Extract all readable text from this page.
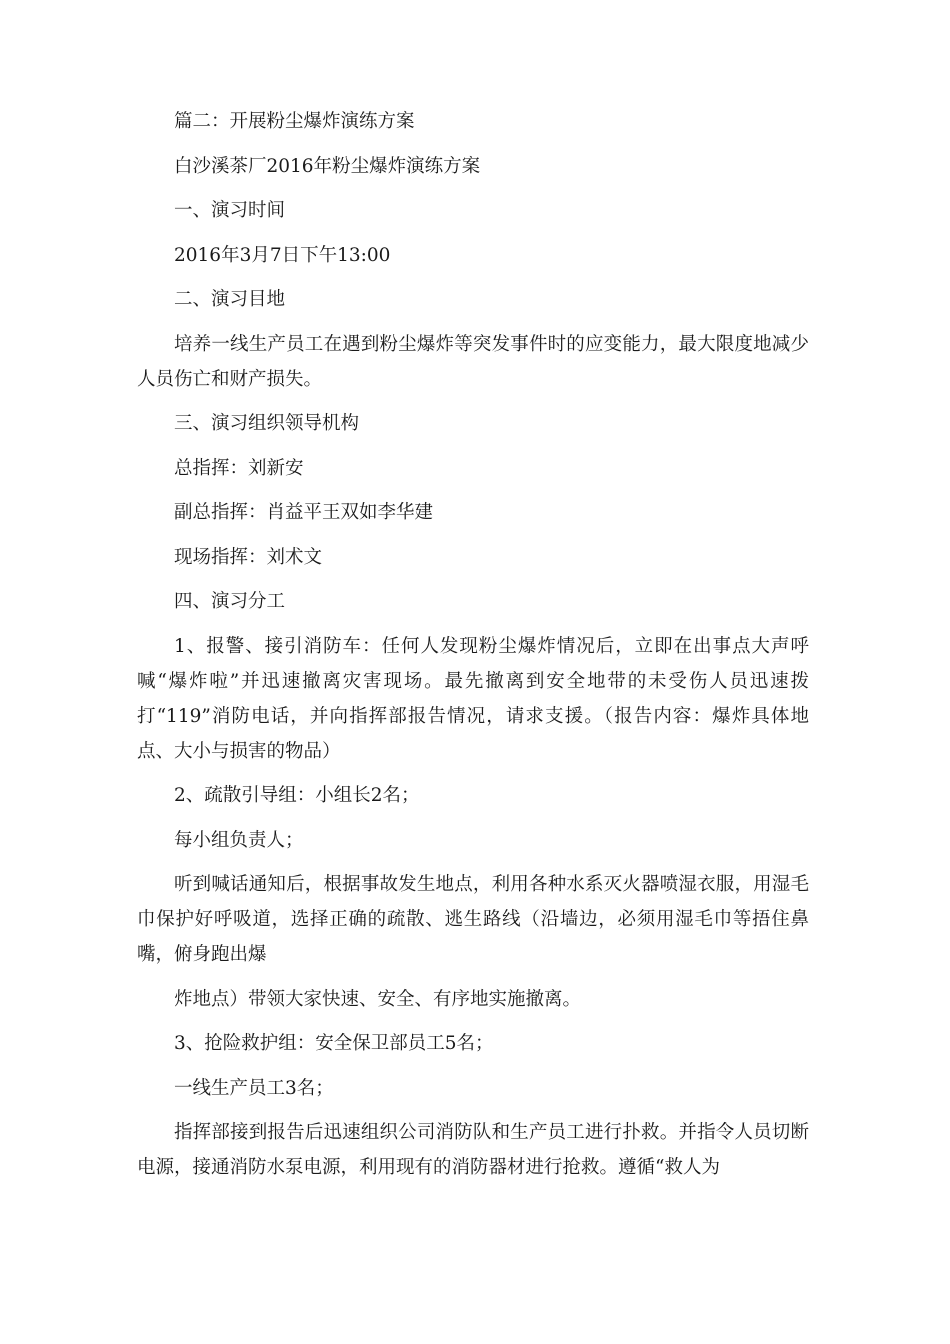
篇二：开展粉尘爆炸演练方案

白沙溪茶厂2016年粉尘爆炸演练方案

一、演习时间

2016年3月7日下午13:00

二、演习目地

培养一线生产员工在遇到粉尘爆炸等突发事件时的应变能力，最大限度地减少人员伤亡和财产损失。

三、演习组织领导机构

总指挥：刘新安

副总指挥：肖益平王双如李华建

现场指挥：刘术文

四、演习分工

1、报警、接引消防车：任何人发现粉尘爆炸情况后，立即在出事点大声呼喊“爆炸啦”并迅速撤离灾害现场。最先撤离到安全地带的未受伤人员迅速拨打“119”消防电话，并向指挥部报告情况，请求支援。（报告内容：爆炸具体地点、大小与损害的物品）

2、疏散引导组：小组长2名；

每小组负责人；

听到喊话通知后，根据事故发生地点，利用各种水系灭火器喷湿衣服，用湿毛巾保护好呼吸道，选择正确的疏散、逃生路线（沿墙边，必须用湿毛巾等捂住鼻嘴，俯身跑出爆

炸地点）带领大家快速、安全、有序地实施撤离。

3、抢险救护组：安全保卫部员工5名；

一线生产员工3名；

指挥部接到报告后迅速组织公司消防队和生产员工进行扑救。并指令人员切断电源，接通消防水泵电源，利用现有的消防器材进行抢救。遵循“救人为
